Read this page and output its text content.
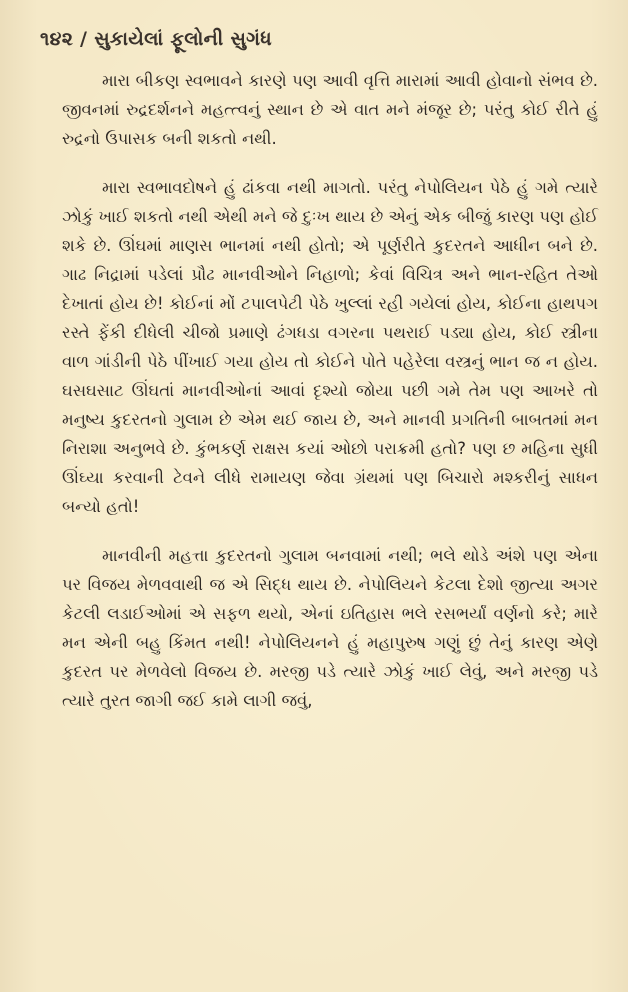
૧૪૨ / સુકાયેલાં ફૂલોની સુગંધ

મારા બીકણ સ્વભાવને કારણે પણ આવી વૃત્તિ મારામાં આવી હોવાનો સંભવ છે. જીવનમાં રુદ્રદર્શનને મહત્ત્વનું સ્થાન છે એ વાત મને મંજૂર છે; પરંતુ કોઈ રીતે હું રુદ્રનો ઉપાસક બની શકતો નથી.

મારા સ્વભાવદોષને હું ઢાંકવા નથી માગતો. પરંતુ નેપોલિયન પેઠે હું ગમે ત્યારે ઝોકું ખાઈ શકતો નથી એથી મને જે દુઃખ થાય છે એનું એક બીજું કારણ પણ હોઈ શકે છે. ઊંઘમાં માણસ ભાનમાં નથી હોતો; એ પૂર્ણરીતે કુદરતને આધીન બને છે. ગાઢ નિદ્રામાં પડેલાં પ્રૌઢ માનવીઓને નિહાળો; કેવાં વિચિત્ર અને ભાન-રહિત તેઓ દેખાતાં હોય છે! કોઈનાં મોં ટપાલપેટી પેઠે ખુલ્લાં રહી ગયેલાં હોય, કોઈના હાથપગ રસ્તે ફેંકી દીધેલી ચીજો પ્રમાણે ઢંગધડા વગરના પથરાઈ પડ્યા હોય, કોઈ સ્ત્રીના વાળ ગાંડીની પેઠે પીંખાઈ ગયા હોય તો કોઈને પોતે પહેરેલા વસ્ત્રનું ભાન જ ન હોય. ઘસઘસાટ ઊંઘતાં માનવીઓનાં આવાં દૃશ્યો જોયા પછી ગમે તેમ પણ આખરે તો મનુષ્ય કુદરતનો ગુલામ છે એમ થઈ જાય છે, અને માનવી પ્રગતિની બાબતમાં મન નિરાશા અનુભવે છે. કુંભકર્ણ રાક્ષસ કયાં ઓછો પરાક્રમી હતો? પણ છ મહિના સુધી ઊંઘ્યા કરવાની ટેવને લીધે રામાયણ જેવા ગ્રંથમાં પણ બિચારો મશ્કરીનું સાધન બન્યો હતો!

માનવીની મહત્તા કુદરતનો ગુલામ બનવામાં નથી; ભલે થોડે અંશે પણ એના પર વિજય મેળવવાથી જ એ સિદ્ધ થાય છે. નેપોલિયને કેટલા દેશો જીત્યા અગર કેટલી લડાઈઓમાં એ સફળ થયો, એનાં ઇતિહાસ ભલે રસભર્યાં વર્ણનો કરે; મારે મન એની બહુ કિંમત નથી! નેપોલિયનને હું મહાપુરુષ ગણું છું તેનું કારણ એણે કુદરત પર મેળવેલો વિજય છે. મરજી પડે ત્યારે ઝોકું ખાઈ લેવું, અને મરજી પડે ત્યારે તુરત જાગી જઈ કામે લાગી જવું,
